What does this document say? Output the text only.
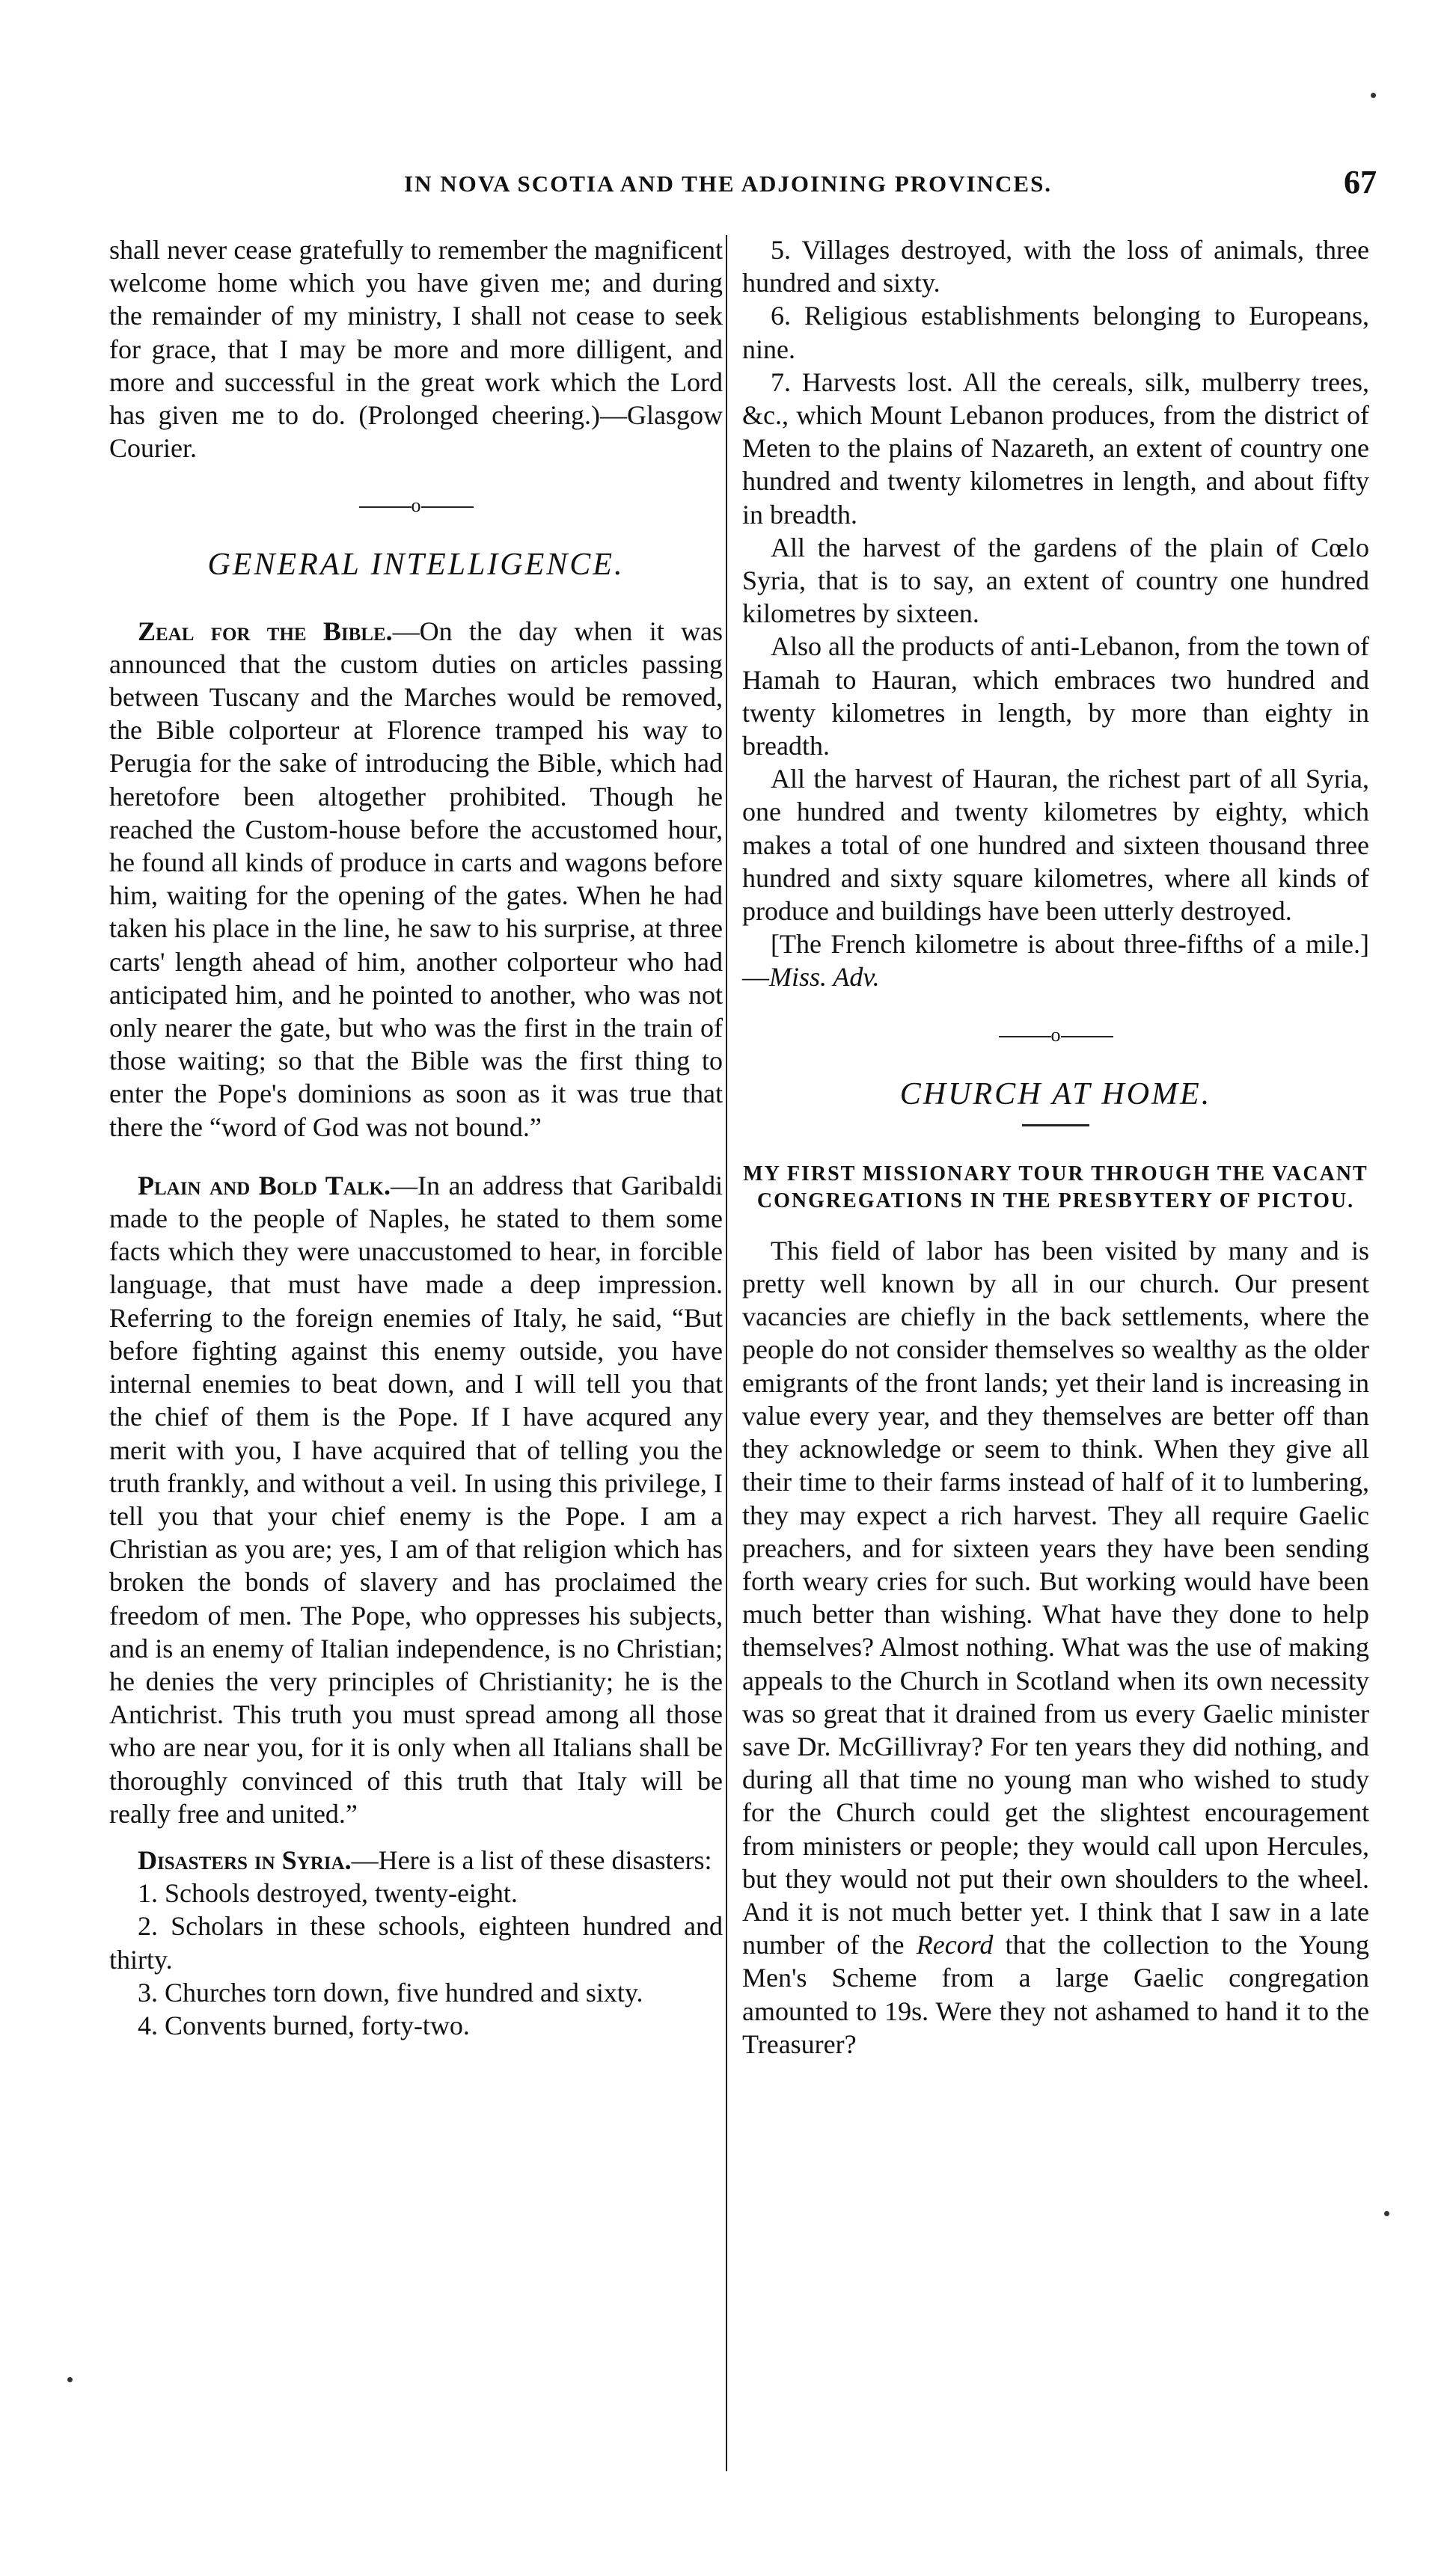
IN NOVA SCOTIA AND THE ADJOINING PROVINCES.	67

shall never cease gratefully to remember the magnificent welcome home which you have given me; and during the remainder of my ministry, I shall not cease to seek for grace, that I may be more and more dilligent, and more and successful in the great work which the Lord has given me to do. (Prolonged cheering.)—Glasgow Courier.

o
GENERAL INTELLIGENCE.

Zeal for the Bible.—On the day when it was announced that the custom duties on articles passing between Tuscany and the Marches would be removed, the Bible colporteur at Florence tramped his way to Perugia for the sake of introducing the Bible, which had heretofore been altogether prohibited. Though he reached the Custom-house before the accustomed hour, he found all kinds of produce in carts and wagons before him, waiting for the opening of the gates. When he had taken his place in the line, he saw to his surprise, at three carts' length ahead of him, another colporteur who had anticipated him, and he pointed to another, who was not only nearer the gate, but who was the first in the train of those waiting; so that the Bible was the first thing to enter the Pope's dominions as soon as it was true that there the “word of God was not bound.”

Plain and Bold Talk.—In an address that Garibaldi made to the people of Naples, he stated to them some facts which they were unaccustomed to hear, in forcible language, that must have made a deep impression. Referring to the foreign enemies of Italy, he said, “But before fighting against this enemy outside, you have internal enemies to beat down, and I will tell you that the chief of them is the Pope. If I have acqured any merit with you, I have acquired that of telling you the truth frankly, and without a veil. In using this privilege, I tell you that your chief enemy is the Pope. I am a Christian as you are; yes, I am of that religion which has broken the bonds of slavery and has proclaimed the freedom of men. The Pope, who oppresses his subjects, and is an enemy of Italian independence, is no Christian; he denies the very principles of Christianity; he is the Antichrist. This truth you must spread among all those who are near you, for it is only when all Italians shall be thoroughly convinced of this truth that Italy will be really free and united.”

Disasters in Syria.—Here is a list of these disasters:

1. Schools destroyed, twenty-eight.

2. Scholars in these schools, eighteen hundred and thirty.

3. Churches torn down, five hundred and sixty.

4. Convents burned, forty-two.

5. Villages destroyed, with the loss of animals, three hundred and sixty.

6. Religious establishments belonging to Europeans, nine.

7. Harvests lost. All the cereals, silk, mulberry trees, &c., which Mount Lebanon produces, from the district of Meten to the plains of Nazareth, an extent of country one hundred and twenty kilometres in length, and about fifty in breadth.

All the harvest of the gardens of the plain of Cœlo Syria, that is to say, an extent of country one hundred kilometres by sixteen.

Also all the products of anti-Lebanon, from the town of Hamah to Hauran, which embraces two hundred and twenty kilometres in length, by more than eighty in breadth.

All the harvest of Hauran, the richest part of all Syria, one hundred and twenty kilometres by eighty, which makes a total of one hundred and sixteen thousand three hundred and sixty square kilometres, where all kinds of produce and buildings have been utterly destroyed.

[The French kilometre is about three-fifths of a mile.]—Miss. Adv.

o
CHURCH AT HOME.
MY FIRST MISSIONARY TOUR THROUGH THE VACANT CONGREGATIONS IN THE PRESBYTERY OF PICTOU.

This field of labor has been visited by many and is pretty well known by all in our church. Our present vacancies are chiefly in the back settlements, where the people do not consider themselves so wealthy as the older emigrants of the front lands; yet their land is increasing in value every year, and they themselves are better off than they acknowledge or seem to think. When they give all their time to their farms instead of half of it to lumbering, they may expect a rich harvest. They all require Gaelic preachers, and for sixteen years they have been sending forth weary cries for such. But working would have been much better than wishing. What have they done to help themselves? Almost nothing. What was the use of making appeals to the Church in Scotland when its own necessity was so great that it drained from us every Gaelic minister save Dr. McGillivray? For ten years they did nothing, and during all that time no young man who wished to study for the Church could get the slightest encouragement from ministers or people; they would call upon Hercules, but they would not put their own shoulders to the wheel. And it is not much better yet. I think that I saw in a late number of the Record that the collection to the Young Men's Scheme from a large Gaelic congregation amounted to 19s. Were they not ashamed to hand it to the Treasurer?
